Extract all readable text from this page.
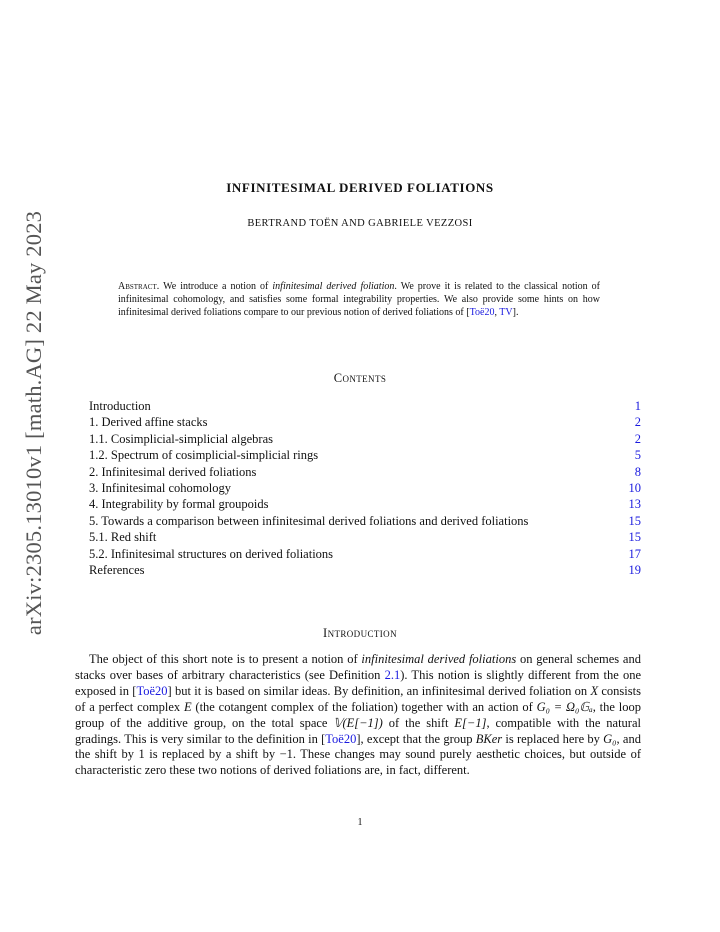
arXiv:2305.13010v1 [math.AG] 22 May 2023
INFINITESIMAL DERIVED FOLIATIONS
BERTRAND TOËN AND GABRIELE VEZZOSI
Abstract. We introduce a notion of infinitesimal derived foliation. We prove it is related to the classical notion of infinitesimal cohomology, and satisfies some formal integrability properties. We also provide some hints on how infinitesimal derived foliations compare to our previous notion of derived foliations of [Toë20, TV].
Contents
Introduction	1
1. Derived affine stacks	2
1.1. Cosimplicial-simplicial algebras	2
1.2. Spectrum of cosimplicial-simplicial rings	5
2. Infinitesimal derived foliations	8
3. Infinitesimal cohomology	10
4. Integrability by formal groupoids	13
5. Towards a comparison between infinitesimal derived foliations and derived foliations	15
5.1. Red shift	15
5.2. Infinitesimal structures on derived foliations	17
References	19
Introduction

The object of this short note is to present a notion of infinitesimal derived foliations on general schemes and stacks over bases of arbitrary characteristics (see Definition 2.1). This notion is slightly different from the one exposed in [Toë20] but it is based on similar ideas. By definition, an infinitesimal derived foliation on X consists of a perfect complex E (the cotangent complex of the foliation) together with an action of G₀ = Ω₀𝔾ₐ, the loop group of the additive group, on the total space 𝕍(E[−1]) of the shift E[−1], compatible with the natural gradings. This is very similar to the definition in [Toë20], except that the group BKer is replaced here by G₀, and the shift by 1 is replaced by a shift by −1. These changes may sound purely aesthetic choices, but outside of characteristic zero these two notions of derived foliations are, in fact, different.

1
